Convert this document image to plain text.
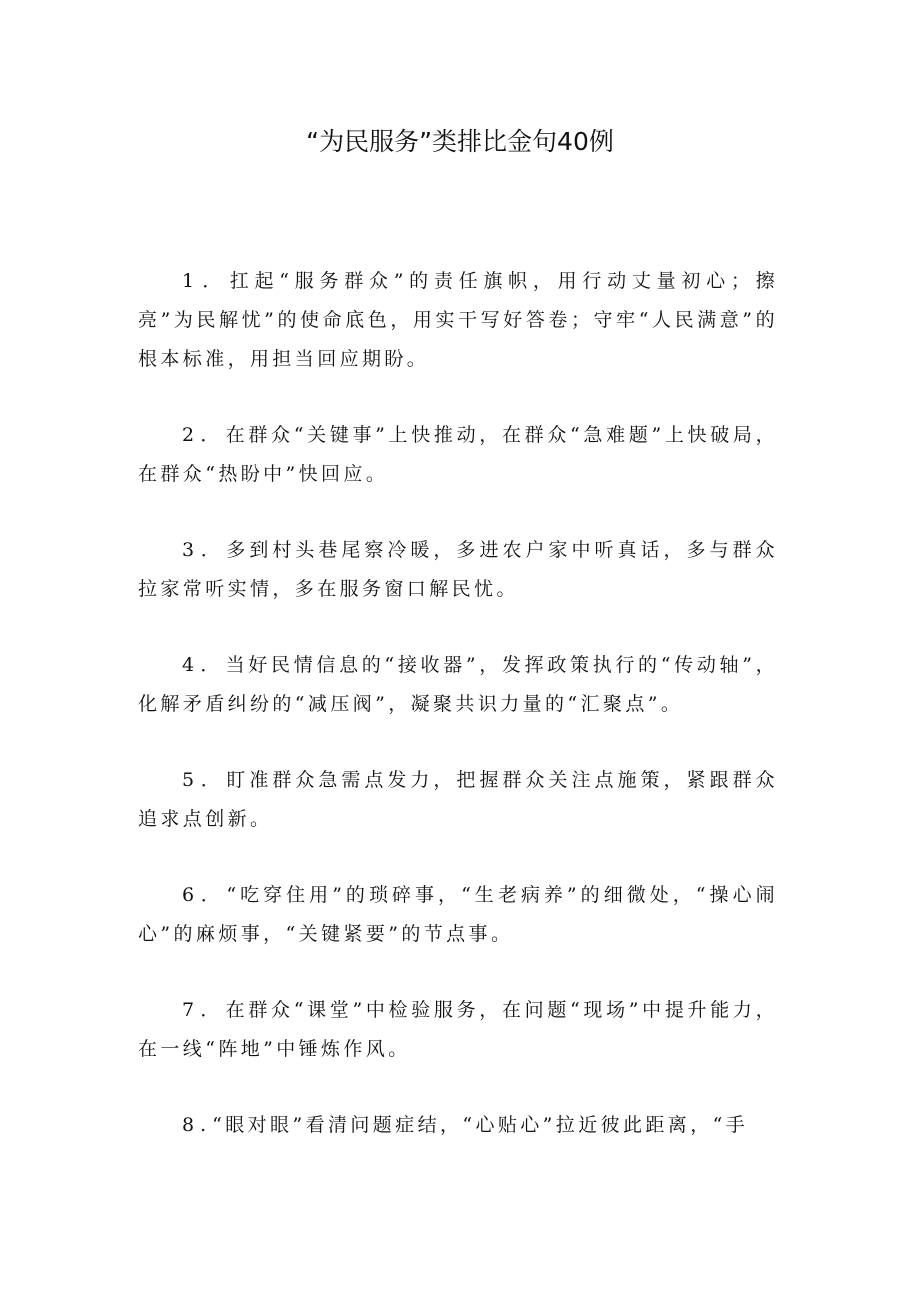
“为民服务”类排比金句40例

1．扛起“服务群众”的责任旗帜，用行动丈量初心；擦亮”为民解忧”的使命底色，用实干写好答卷；守牢“人民满意”的根本标准，用担当回应期盼。

2．在群众“关键事”上快推动，在群众“急难题”上快破局，在群众“热盼中”快回应。

3．多到村头巷尾察冷暖，多进农户家中听真话，多与群众拉家常听实情，多在服务窗口解民忧。

4．当好民情信息的“接收器”，发挥政策执行的“传动轴”，化解矛盾纠纷的“减压阀”，凝聚共识力量的“汇聚点”。

5．盯准群众急需点发力，把握群众关注点施策，紧跟群众追求点创新。

6．“吃穿住用”的琐碎事，“生老病养”的细微处，“操心闹心”的麻烦事，“关键紧要”的节点事。

7．在群众“课堂”中检验服务，在问题“现场”中提升能力，在一线“阵地”中锤炼作风。

8.“眼对眼”看清问题症结，“心贴心”拉近彼此距离，“手
